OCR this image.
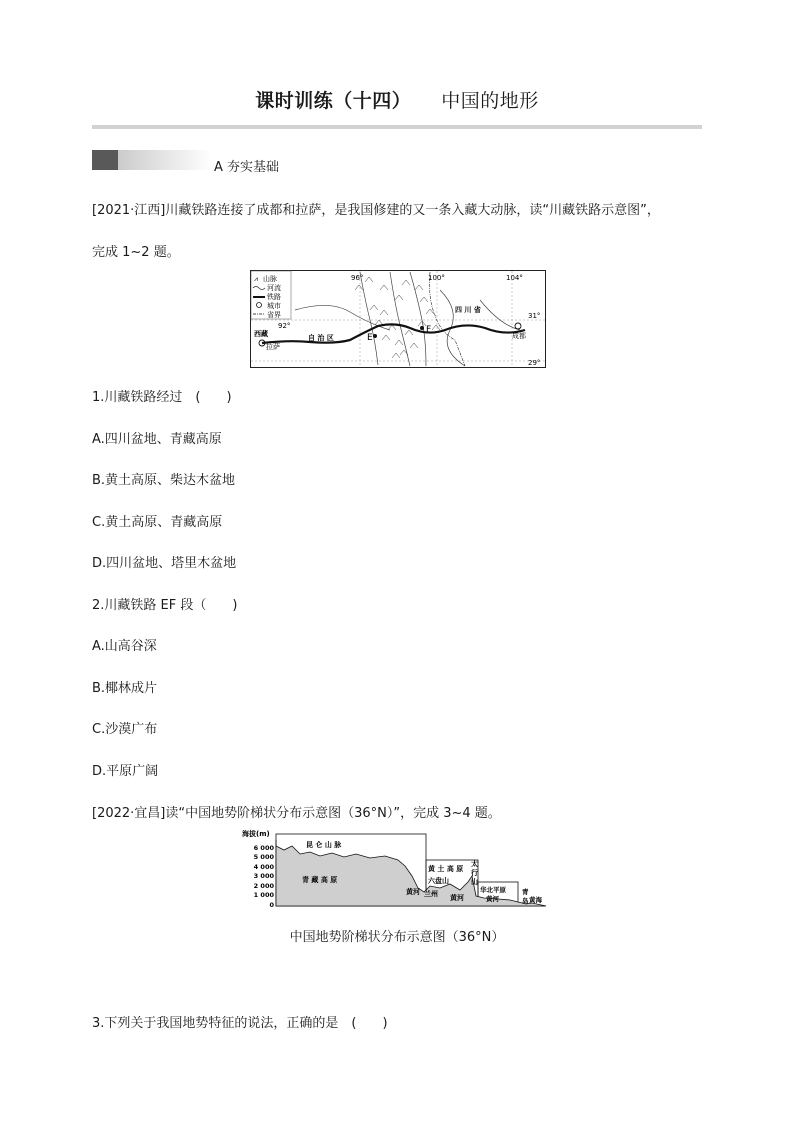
课时训练（十四） 中国的地形
A 夯实基础
[2021·江西]川藏铁路连接了成都和拉萨，是我国修建的又一条入藏大动脉，读“川藏铁路示意图”，
完成 1~2 题。
⩘ 山脉
河流
铁路
城市
省界
96°	100°	104°
31°
29°
92°
西藏	自 治 区
四 川 省
拉萨
成都
E
F
1.川藏铁路经过　(　　)
A.四川盆地、青藏高原
B.黄土高原、柴达木盆地
C.黄土高原、青藏高原
D.四川盆地、塔里木盆地
2.川藏铁路 EF 段（　　)
A.山高谷深
B.椰林成片
C.沙漠广布
D.平原广阔
[2022·宜昌]读“中国地势阶梯状分布示意图（36°N）”，完成 3~4 题。
海拔(m)
6 000
5 000
4 000
3 000
2 000
1 000
0
昆 仑 山 脉
青 藏 高 原
黄 土 高 原
六盘山
太
行
山
黄河 兰州 黄河
华北平原
黄河
青
岛 黄海
中国地势阶梯状分布示意图（36°N）
3.下列关于我国地势特征的说法，正确的是　(　　)
